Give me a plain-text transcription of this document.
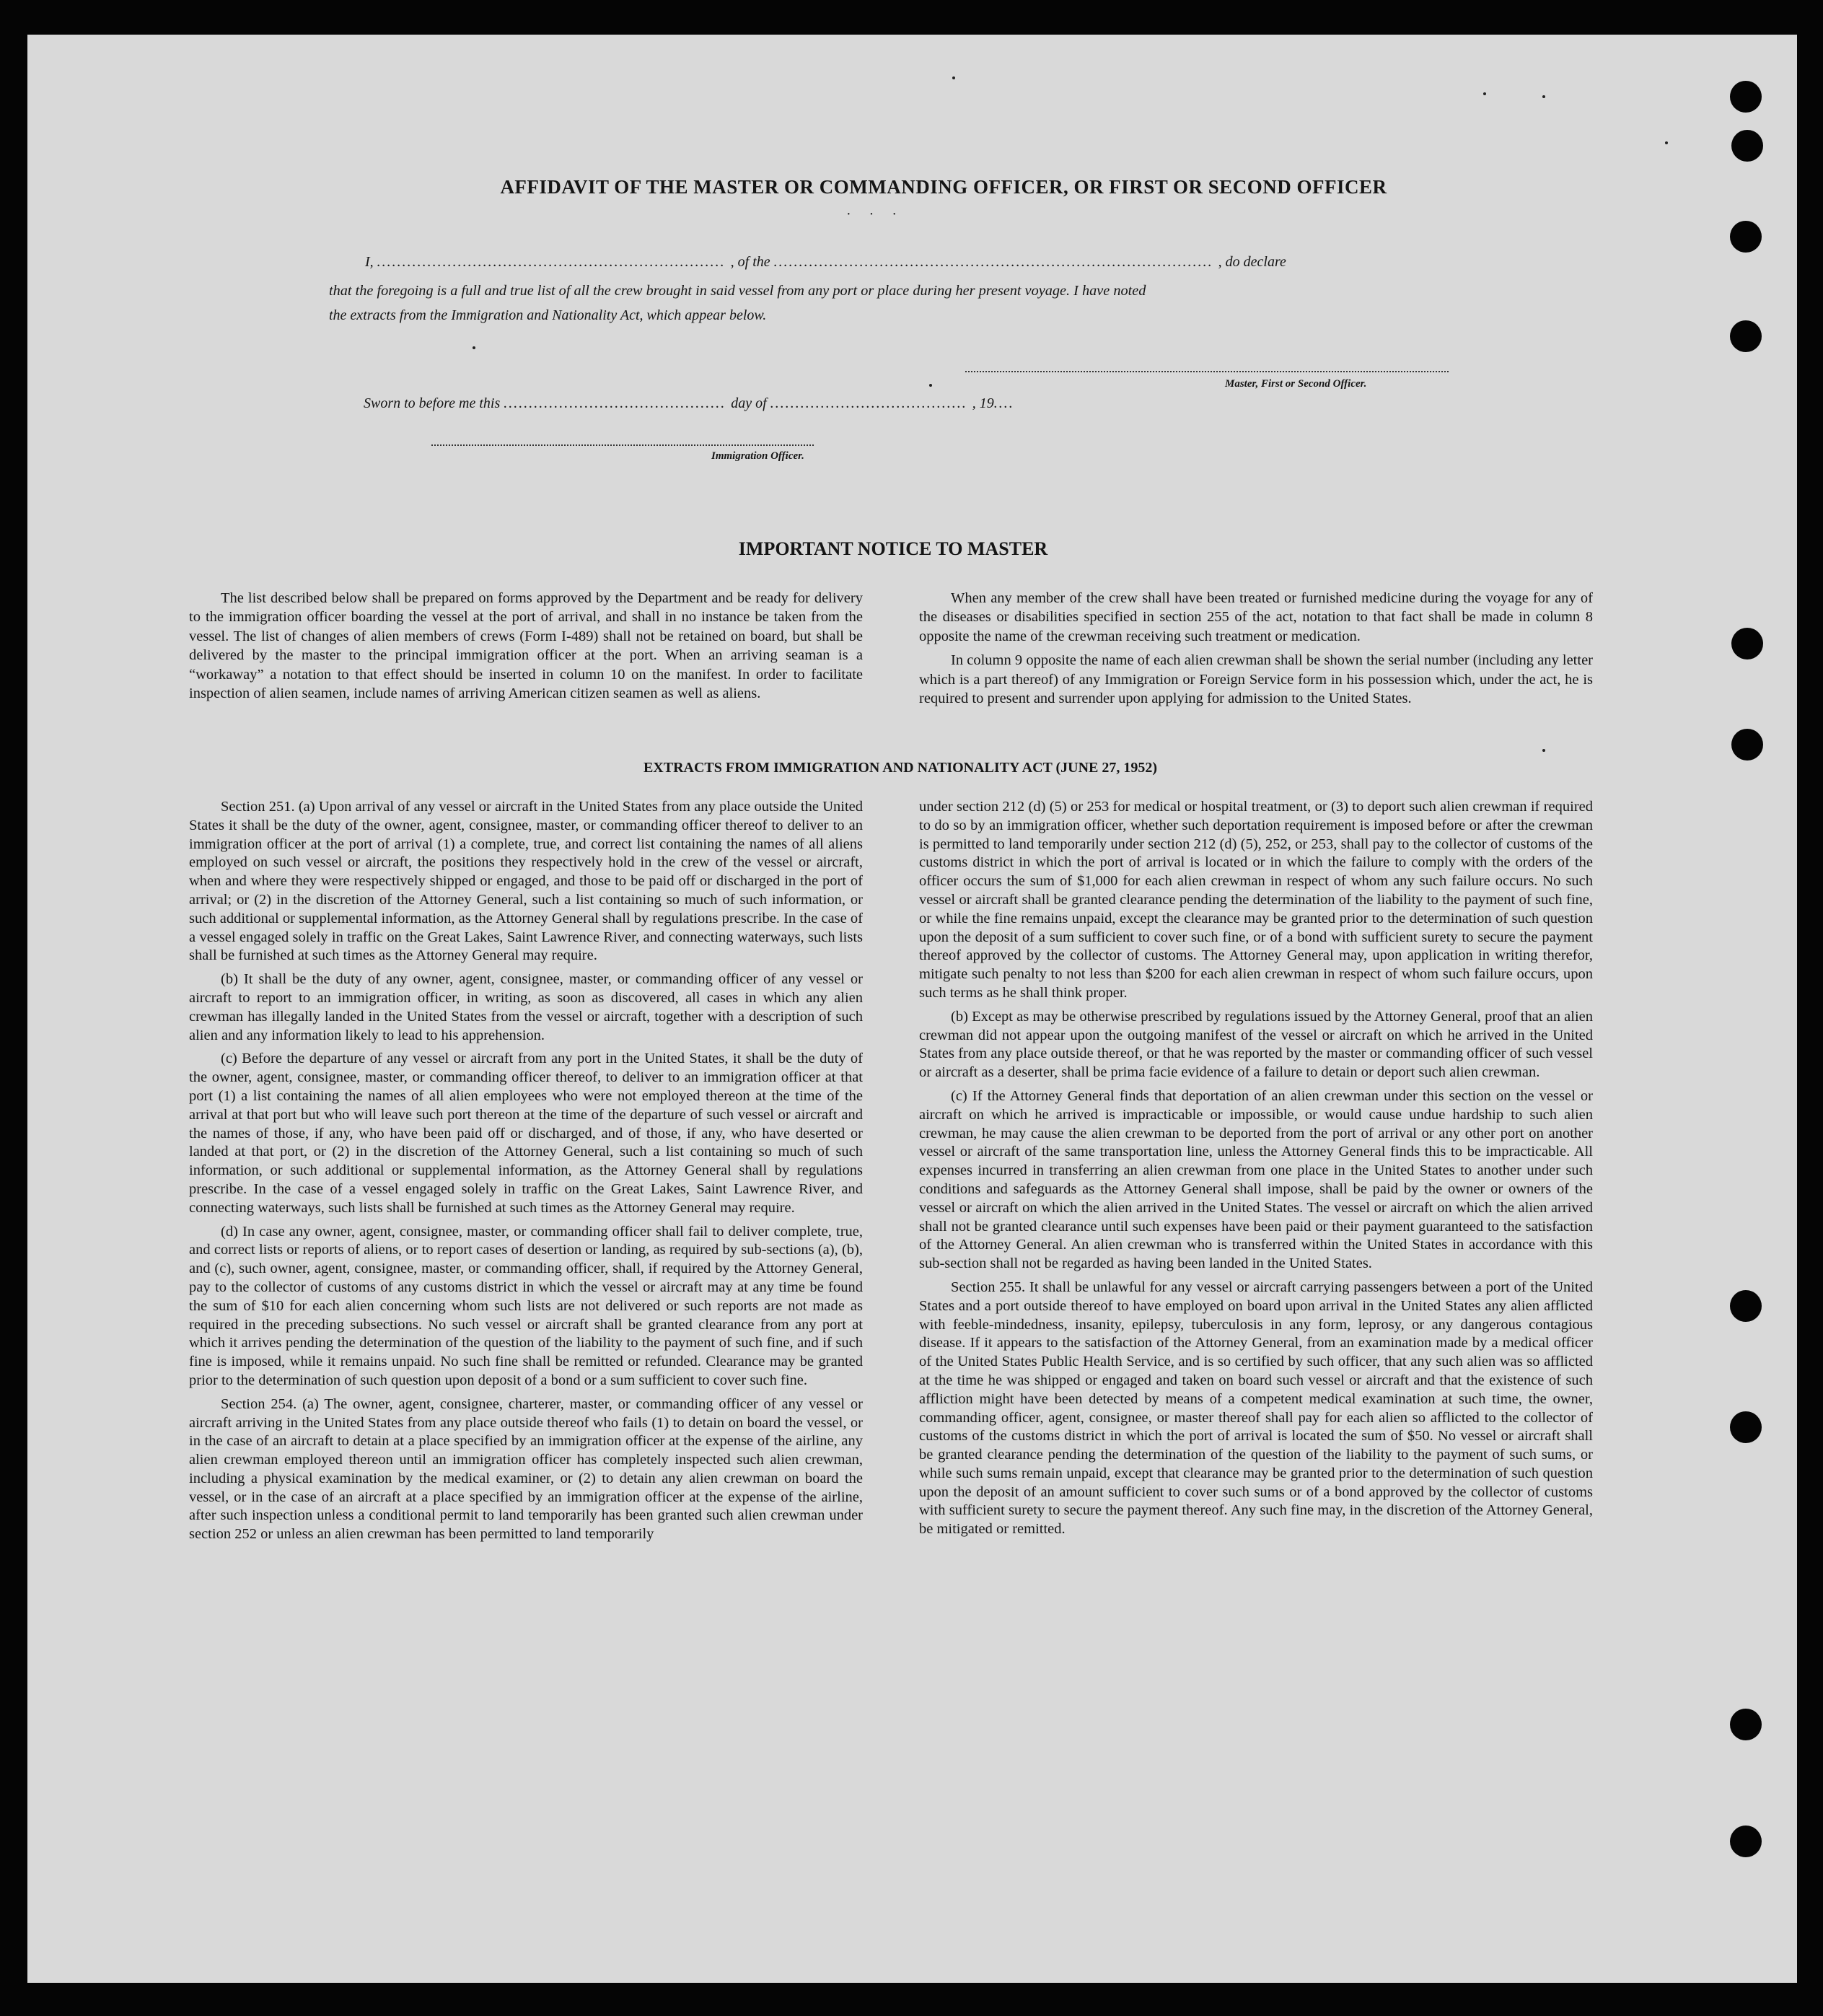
AFFIDAVIT OF THE MASTER OR COMMANDING OFFICER, OR FIRST OR SECOND OFFICER
· · ·
I, ..................................................................... , of the ....................................................................................... , do declare
that the foregoing is a full and true list of all the crew brought in said vessel from any port or place during her present voyage. I have noted
the extracts from the Immigration and Nationality Act, which appear below.
Master, First or Second Officer.
Sworn to before me this ............................................ day of ....................................... , 19....
Immigration Officer.
IMPORTANT NOTICE TO MASTER

The list described below shall be prepared on forms approved by the Department and be ready for delivery to the immigration officer boarding the vessel at the port of arrival, and shall in no instance be taken from the vessel. The list of changes of alien members of crews (Form I-489) shall not be retained on board, but shall be delivered by the master to the principal immigration officer at the port. When an arriving seaman is a “workaway” a notation to that effect should be inserted in column 10 on the manifest. In order to facilitate inspection of alien seamen, include names of arriving American citizen seamen as well as aliens.

When any member of the crew shall have been treated or furnished medicine during the voyage for any of the diseases or disabilities specified in section 255 of the act, notation to that fact shall be made in column 8 opposite the name of the crewman receiving such treatment or medication.

In column 9 opposite the name of each alien crewman shall be shown the serial number (including any letter which is a part thereof) of any Immigration or Foreign Service form in his possession which, under the act, he is required to present and surrender upon applying for admission to the United States.

EXTRACTS FROM IMMIGRATION AND NATIONALITY ACT (JUNE 27, 1952)

Section 251. (a) Upon arrival of any vessel or aircraft in the United States from any place outside the United States it shall be the duty of the owner, agent, consignee, master, or commanding officer thereof to deliver to an immigration officer at the port of arrival (1) a complete, true, and correct list containing the names of all aliens employed on such vessel or aircraft, the positions they respectively hold in the crew of the vessel or aircraft, when and where they were respectively shipped or engaged, and those to be paid off or discharged in the port of arrival; or (2) in the discretion of the Attorney General, such a list containing so much of such information, or such additional or supplemental information, as the Attorney General shall by regulations prescribe. In the case of a vessel engaged solely in traffic on the Great Lakes, Saint Lawrence River, and connecting waterways, such lists shall be furnished at such times as the Attorney General may require.

(b) It shall be the duty of any owner, agent, consignee, master, or commanding officer of any vessel or aircraft to report to an immigration officer, in writing, as soon as discovered, all cases in which any alien crewman has illegally landed in the United States from the vessel or aircraft, together with a description of such alien and any information likely to lead to his apprehension.

(c) Before the departure of any vessel or aircraft from any port in the United States, it shall be the duty of the owner, agent, consignee, master, or commanding officer thereof, to deliver to an immigration officer at that port (1) a list containing the names of all alien employees who were not employed thereon at the time of the arrival at that port but who will leave such port thereon at the time of the departure of such vessel or aircraft and the names of those, if any, who have been paid off or discharged, and of those, if any, who have deserted or landed at that port, or (2) in the discretion of the Attorney General, such a list containing so much of such information, or such additional or supplemental information, as the Attorney General shall by regulations prescribe. In the case of a vessel engaged solely in traffic on the Great Lakes, Saint Lawrence River, and connecting waterways, such lists shall be furnished at such times as the Attorney General may require.

(d) In case any owner, agent, consignee, master, or commanding officer shall fail to deliver complete, true, and correct lists or reports of aliens, or to report cases of desertion or landing, as required by sub-sections (a), (b), and (c), such owner, agent, consignee, master, or commanding officer, shall, if required by the Attorney General, pay to the collector of customs of any customs district in which the vessel or aircraft may at any time be found the sum of $10 for each alien concerning whom such lists are not delivered or such reports are not made as required in the preceding subsections. No such vessel or aircraft shall be granted clearance from any port at which it arrives pending the determination of the question of the liability to the payment of such fine, and if such fine is imposed, while it remains unpaid. No such fine shall be remitted or refunded. Clearance may be granted prior to the determination of such question upon deposit of a bond or a sum sufficient to cover such fine.

Section 254. (a) The owner, agent, consignee, charterer, master, or commanding officer of any vessel or aircraft arriving in the United States from any place outside thereof who fails (1) to detain on board the vessel, or in the case of an aircraft to detain at a place specified by an immigration officer at the expense of the airline, any alien crewman employed thereon until an immigration officer has completely inspected such alien crewman, including a physical examination by the medical examiner, or (2) to detain any alien crewman on board the vessel, or in the case of an aircraft at a place specified by an immigration officer at the expense of the airline, after such inspection unless a conditional permit to land temporarily has been granted such alien crewman under section 252 or unless an alien crewman has been permitted to land temporarily

under section 212 (d) (5) or 253 for medical or hospital treatment, or (3) to deport such alien crewman if required to do so by an immigration officer, whether such deportation requirement is imposed before or after the crewman is permitted to land temporarily under section 212 (d) (5), 252, or 253, shall pay to the collector of customs of the customs district in which the port of arrival is located or in which the failure to comply with the orders of the officer occurs the sum of $1,000 for each alien crewman in respect of whom any such failure occurs. No such vessel or aircraft shall be granted clearance pending the determination of the liability to the payment of such fine, or while the fine remains unpaid, except the clearance may be granted prior to the determination of such question upon the deposit of a sum sufficient to cover such fine, or of a bond with sufficient surety to secure the payment thereof approved by the collector of customs. The Attorney General may, upon application in writing therefor, mitigate such penalty to not less than $200 for each alien crewman in respect of whom such failure occurs, upon such terms as he shall think proper.

(b) Except as may be otherwise prescribed by regulations issued by the Attorney General, proof that an alien crewman did not appear upon the outgoing manifest of the vessel or aircraft on which he arrived in the United States from any place outside thereof, or that he was reported by the master or commanding officer of such vessel or aircraft as a deserter, shall be prima facie evidence of a failure to detain or deport such alien crewman.

(c) If the Attorney General finds that deportation of an alien crewman under this section on the vessel or aircraft on which he arrived is impracticable or impossible, or would cause undue hardship to such alien crewman, he may cause the alien crewman to be deported from the port of arrival or any other port on another vessel or aircraft of the same transportation line, unless the Attorney General finds this to be impracticable. All expenses incurred in transferring an alien crewman from one place in the United States to another under such conditions and safeguards as the Attorney General shall impose, shall be paid by the owner or owners of the vessel or aircraft on which the alien arrived in the United States. The vessel or aircraft on which the alien arrived shall not be granted clearance until such expenses have been paid or their payment guaranteed to the satisfaction of the Attorney General. An alien crewman who is transferred within the United States in accordance with this sub-section shall not be regarded as having been landed in the United States.

Section 255. It shall be unlawful for any vessel or aircraft carrying passengers between a port of the United States and a port outside thereof to have employed on board upon arrival in the United States any alien afflicted with feeble-mindedness, insanity, epilepsy, tuberculosis in any form, leprosy, or any dangerous contagious disease. If it appears to the satisfaction of the Attorney General, from an examination made by a medical officer of the United States Public Health Service, and is so certified by such officer, that any such alien was so afflicted at the time he was shipped or engaged and taken on board such vessel or aircraft and that the existence of such affliction might have been detected by means of a competent medical examination at such time, the owner, commanding officer, agent, consignee, or master thereof shall pay for each alien so afflicted to the collector of customs of the customs district in which the port of arrival is located the sum of $50. No vessel or aircraft shall be granted clearance pending the determination of the question of the liability to the payment of such sums, or while such sums remain unpaid, except that clearance may be granted prior to the determination of such question upon the deposit of an amount sufficient to cover such sums or of a bond approved by the collector of customs with sufficient surety to secure the payment thereof. Any such fine may, in the discretion of the Attorney General, be mitigated or remitted.
